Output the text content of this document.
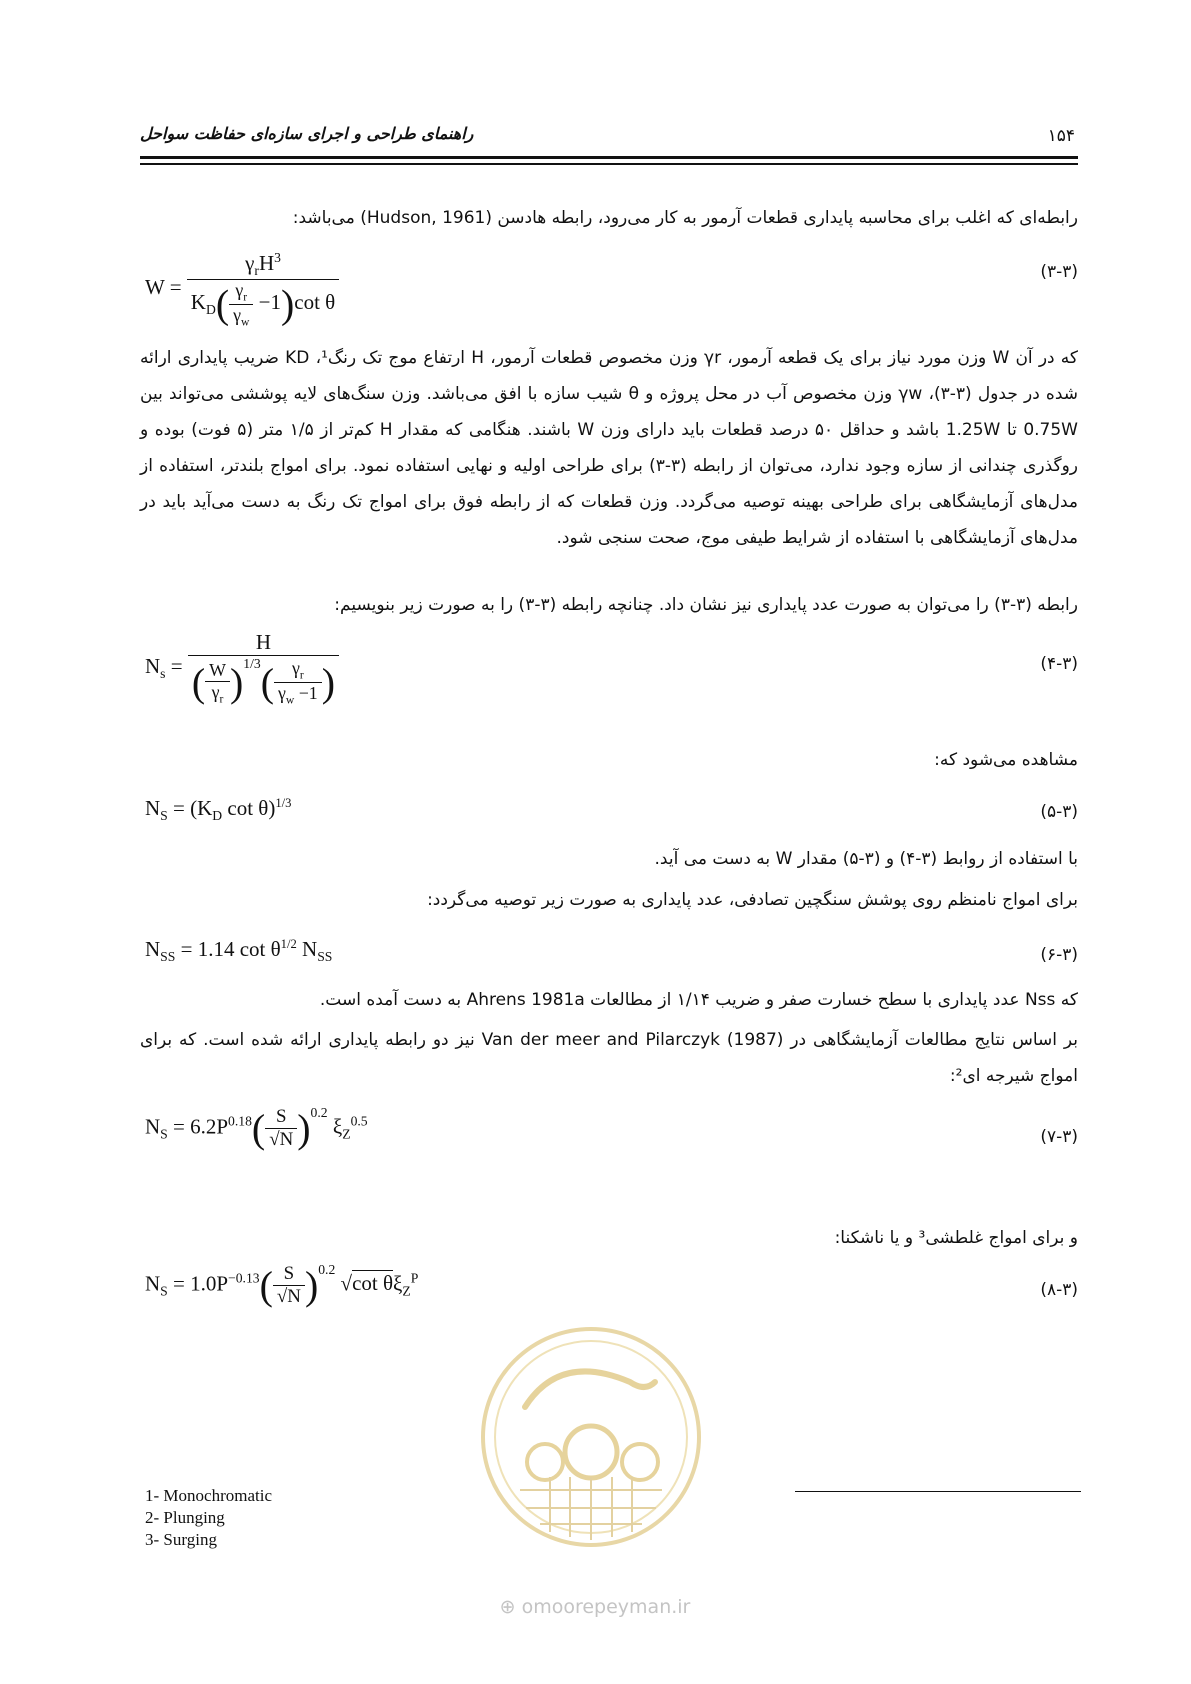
۱۵۴
راهنمای طراحی و اجرای سازه‌ای حفاظت سواحل
رابطه‌ای که اغلب برای محاسبه پایداری قطعات آرمور به کار می‌رود، رابطه هادسن (Hudson, 1961) می‌باشد:
$W = \frac{\gamma_rH^3}{K_D( \frac{\gamma_r}{\gamma_w} -1)\cot \theta}$	(۳-۳)
که در آن W وزن مورد نیاز برای یک قطعه آرمور، γr وزن مخصوص قطعات آرمور، H ارتفاع موج تک رنگ¹، KD ضریب پایداری ارائه شده در جدول (۳-۳)، γw وزن مخصوص آب در محل پروژه و θ شیب سازه با افق می‌باشد. وزن سنگ‌های لایه پوششی می‌تواند بین 0.75W تا 1.25W باشد و حداقل ۵۰ درصد قطعات باید دارای وزن W باشند. هنگامی که مقدار H کم‌تر از ۱/۵ متر (۵ فوت) بوده و روگذری چندانی از سازه وجود ندارد، می‌توان از رابطه (۳-۳) برای طراحی اولیه و نهایی استفاده نمود. برای امواج بلندتر، استفاده از مدل‌های آزمایشگاهی برای طراحی بهینه توصیه می‌گردد. وزن قطعات که از رابطه فوق برای امواج تک رنگ به دست می‌آید باید در مدل‌های آزمایشگاهی با استفاده از شرایط طیفی موج، صحت سنجی شود.
رابطه (۳-۳) را می‌توان به صورت عدد پایداری نیز نشان داد. چنانچه رابطه (۳-۳) را به صورت زیر بنویسیم:
$N_s = \frac{H}{( \frac{W}{\gamma_r} )^{1/3}( \frac{\gamma_r}{\gamma_w -1} )}$	(۴-۳)
مشاهده می‌شود که:
$N_S = (K_D$ cot θ)$^{1/3}$	(۵-۳)
با استفاده از روابط (۳-۴) و (۳-۵) مقدار W به دست می آید.
برای امواج نامنظم روی پوشش سنگچین تصادفی، عدد پایداری به صورت زیر توصیه می‌گردد:
$N_{SS} = 1.14$ $\cot \theta^{1/2}$ $N_{SS}$	(۶-۳)
که Nss عدد پایداری با سطح خسارت صفر و ضریب ۱/۱۴ از مطالعات Ahrens 1981a به دست آمده است.
بر اساس نتایج مطالعات آزمایشگاهی در Van der meer and Pilarczyk (1987) نیز دو رابطه پایداری ارائه شده است. که برای امواج شیرجه ای²:
$N_S = 6.2P^{0.18}( \frac{S}{√N} )^{0.2}$ $\xi_Z^{0.5}$
(۷-۳)
و برای امواج غلطشی³ و یا ناشکنا:
$N_S = 1.0P^{-0.13}( \frac{S}{√N} )^{0.2}$ √cot $\theta\xi_Z^P$
(۸-۳)
⊕ omoorepeyman.ir
1- Monochromatic
2- Plunging
3- Surging
